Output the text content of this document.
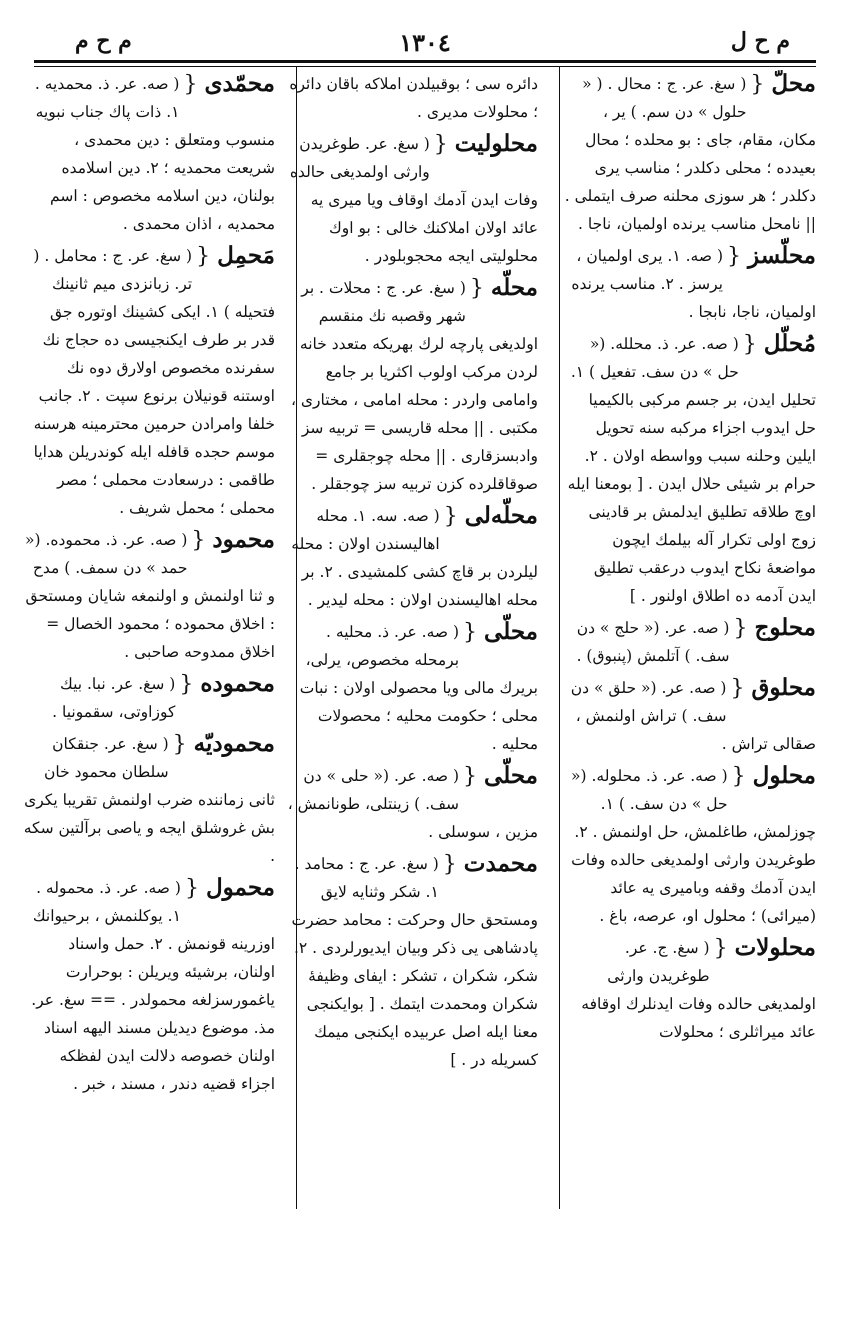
م ح ل
١٣٠٤
م ح م
محلّ {
( سغ. عر. ج : محال . ( « حلول » دن سم. ) ير ، مكان، مقام، جای : بو محلده ؛ محال بعیدده ؛ محلی دکلدر ؛ مناسب یری دکلدر ؛ هر سوزی محلنه صرف ایتملی . || نامحل مناسب یرنده اولمیان، ناجا .
محلّسز {
( صه. ١. یری اولمیان ، یرسز . ٢. مناسب یرنده اولمیان، ناجا، نابجا .
مُحلّل {
( صه. عر. ذ. محلله. (« حل » دن سف. تفعیل ) ١. تحلیل ایدن، بر جسم مرکبی بالکیمیا حل ایدوب اجزاء مرکبه سنه تحویل ایلین وحلنه سبب وواسطه اولان . ٢. حرام بر شیئی حلال ایدن . [ بومعنا ایله اوچ طلاقه تطلیق ایدلمش بر قادینی زوج اولی تکرار آله بیلمك ایچون مواضعهٔ نکاح ایدوب درعقب تطلیق ایدن آدمه ده اطلاق اولنور . ]
محلوج {
( صه. عر. (« حلج » دن سف. ) آتلمش (پنبوق) .
محلوق {
( صه. عر. (« حلق » دن سف. ) تراش اولنمش ، صقالی تراش .
محلول {
( صه. عر. ذ. محلوله. (« حل » دن سف. ) ١. چوزلمش، طاغلمش، حل اولنمش . ٢. طوغریدن وارثی اولمدیغی حالده وفات ایدن آدمك وقفه وبامیری یه عائد (میرائی) ؛ محلول او، عرصه، باغ .
محلولات {
( سغ. ج. عر. طوغریدن وارثی اولمدیغی حالده وفات ایدنلرك اوقافه عائد میراثلری ؛ محلولات
دائره سی ؛ بوقبیلدن املاکه باقان دائره ؛ محلولات مدیری .
محلولیت {
( سغ. عر. طوغریدن وارثی اولمدیغی حالده وفات ایدن آدمك اوقاف ویا میری یه عائد اولان املاکنك خالی : بو اوك محلولیتی ایجه محجوبلودر .
محلّه {
( سغ. عر. ج : محلات . بر شهر وقصبه نك منقسم اولدیغی پارچه لرك بهریکه متعدد خانه لردن مرکب اولوب اکثریا بر جامع وامامی واردر : محله امامی ، مختاری ، مکتبی . || محله قاریسی = تربیه سز وادبسزقاری . || محله چوجقلری = صوقاقلرده کزن تربیه سز چوجقلر .
محلّه‌لی {
( صه. سه. ١. محله اهالیسندن اولان : محله لیلردن بر قاچ کشی کلمشیدی . ٢. بر محله اهالیسندن اولان : محله لیدیر .
محلّی {
( صه. عر. ذ. محلیه . برمحله مخصوص، یرلی، بریرك مالی ویا محصولی اولان : نبات محلی ؛ حکومت محلیه ؛ محصولات محلیه .
محلّی {
( صه. عر. (« حلی » دن سف. ) زینتلی، طونانمش ، مزین ، سوسلی .
محمدت {
( سغ. عر. ج : محامد . ١. شکر وثنایه لایق ومستحق حال وحرکت : محامد حضرت پادشاهی یی ذکر وبیان ایدیورلردی . ٢. شکر، شکران ، تشکر : ایفای وظیفهٔ شکران ومحمدت ایتمك . [ بوایکنجی معنا ایله اصل عربیده ایکنجی میمك کسریله در . ]
محمّدی {
( صه. عر. ذ. محمدیه . ١. ذات پاك جناب نبویه منسوب ومتعلق : دین محمدی ، شریعت محمدیه ؛ ٢. دین اسلامده بولنان، دین اسلامه مخصوص : اسم محمدیه ، اذان محمدی .
مَحمِل {
( سغ. عر. ج : محامل . ( تر. زبانزدی میم ثانینك فتحیله ) ١. ایکی کشینك اوتوره جق قدر بر طرف ایکنجیسی ده حجاج نك سفرنده مخصوص اولارق دوه نك اوستنه قونیلان برنوع سپت . ٢. جانب خلفا وامرادن حرمین محترمینه هرسنه موسم حجده قافله ایله کوندریلن هدایا طاقمی : درسعادت محملی ؛ مصر محملی ؛ محمل شریف .
محمود {
( صه. عر. ذ. محموده. (« حمد » دن سمف. ) مدح و ثنا اولنمش و اولنمغه شایان ومستحق : اخلاق محموده ؛ محمود الخصال = اخلاق ممدوحه صاحبی .
محموده {
( سغ. عر. نبا. بیك کوزاوتی، سقمونیا .
محمودیّه {
( سغ. عر. جنقکان سلطان محمود خان ثانی زماننده ضرب اولنمش تقریبا یکری بش غروشلق ایجه و یاصی برآلتین سکه .
محمول {
( صه. عر. ذ. محموله . ١. یوکلنمش ، برحیوانك اوزرینه قونمش . ٢. حمل واسناد اولنان، برشیئه ویریلن : بوحرارت یاغمورسزلغه محمولدر . == سغ. عر. مذ. موضوع دیدیلن مسند الیهه اسناد اولنان خصوصه دلالت ایدن لفظکه اجزاء قضیه دندر ، مسند ، خبر .
